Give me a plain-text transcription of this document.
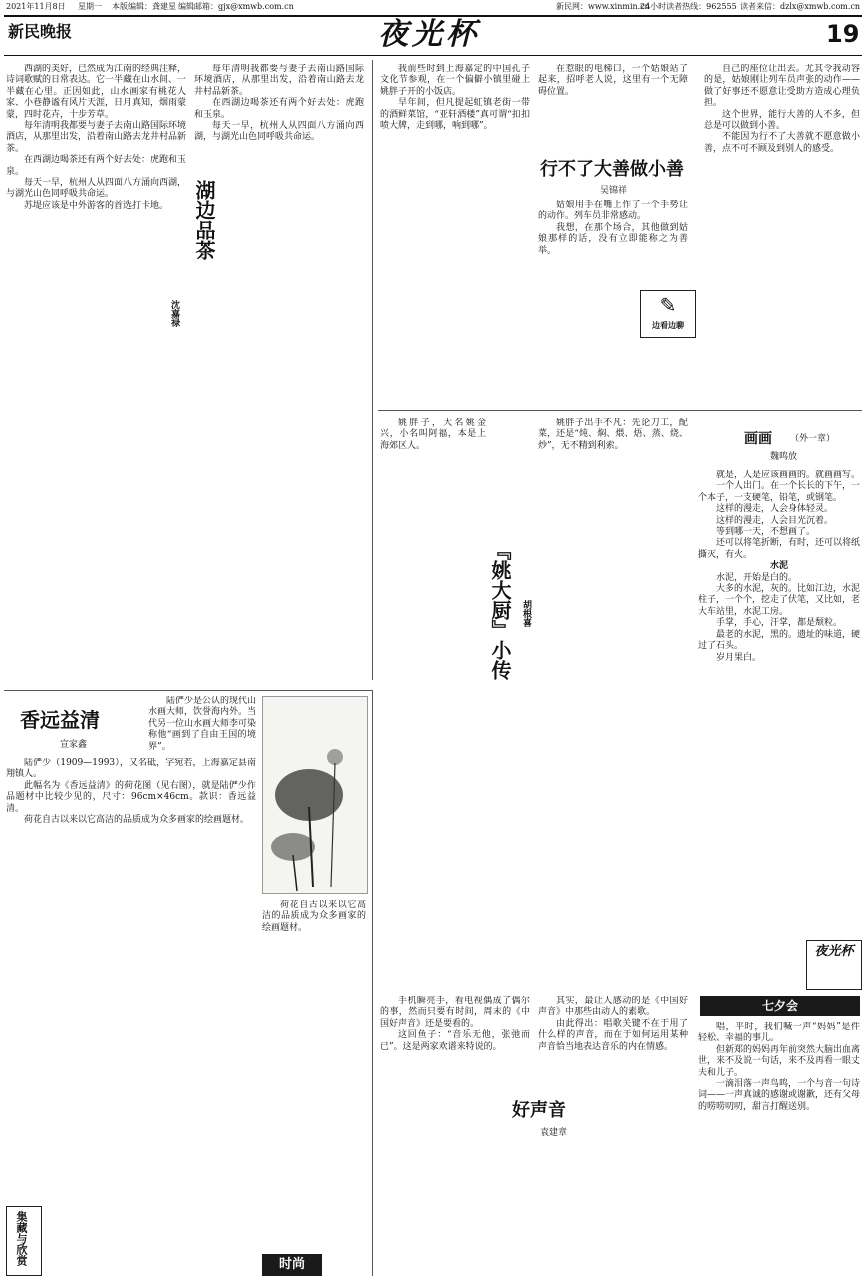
2021年11月8日 星期一 本版编辑：龚建星 编辑邮箱：gjx@xmwb.com.cn	新民网：www.xinmin.cn
24小时读者热线：962555 读者来信：dzlx@xmwb.com.cn
新民晚报	夜光杯	19

西湖的美好，已然成为江南的经典注释，诗词歌赋的日常表达。它一半藏在山水间、一半藏在心里。正因如此，山水画家有桃花人家、小巷静谧有风片天涯，日月真知，烟雨蒙蒙，四时花卉，十步芳草。

每年清明我都要与妻子去南山路国际环境酒店，从那里出发，沿着南山路去龙井村品新茶。

在西湖边喝茶还有两个好去处：虎跑和玉泉。

每天一早，杭州人从四面八方涌向西湖，与湖光山色同呼吸共命运。

苏堤应该是中外游客的首选打卡地。	湖边品茶
沈嘉禄

每年清明我都要与妻子去南山路国际环境酒店，从那里出发，沿着南山路去龙井村品新茶。

在西湖边喝茶还有两个好去处：虎跑和玉泉。

每天一早，杭州人从四面八方涌向西湖，与湖光山色同呼吸共命运。

我前些时到上海嘉定的中国孔子文化节参观，在一个偏僻小镇里碰上姚胖子开的小饭店。

早年间，但凡提起虹镇老街一带的酒鲜菜馆，“亚轩酒楼”真可谓“扣扣喷大牌，走到哪，响到哪”。

在惹眼的电梯口，一个姑娘站了起来，招呼老人说，这里有一个无障碍位置。

行不了大善做小善
吴锦祥

姑娘用手在嘴上作了一个手势让的动作。列车员非常感动。

我想，在那个场合，其他做到姑娘那样的话，没有立即能称之为善举。

✎
边看边聊

自己的座位让出去。尤其令我动容的是，姑娘刚让列车员声张的动作——做了好事还不愿意让受助方造成心理负担。

这个世界，能行大善的人不多，但总是可以做到小善。

不能因为行不了大善就不愿意做小善，点不可不顾及到别人的感受。

姚胖子，大名姚金兴，小名叫阿福，本是上海郊区人。

『姚大厨』小传 胡根喜

姚胖子出手不凡：先论刀工，配菜，还是“炖、焖、煨、焐、蒸、烧、炒”，无不精到利索。	画画 （外一章）
魏鸣放

就是，人是应该画画的。就画画写。

一个人出门。在一个长长的下午，一个本子，一支硬笔，铅笔，或钢笔。

这样的漫走，人会身体轻灵。

这样的漫走，人会目光沉着。

等到哪一天，不想画了。

还可以将笔折断，有时，还可以将纸撕灭，有火。

水泥

水泥，开始是白的。

大多的水泥，灰的。比如江边，水泥柱子，一个个，挖走了伏笔，又比如，老大车站里，水泥工房。

手掌，手心，汗掌，都是颓粒。

最老的水泥，黑的。遗址的味道，硬过了石头。

岁月果白。

香远益清
宣家鑫

陆俨少是公认的现代山水画大师，饮誉海内外。当代另一位山水画大师李可染称他“画到了自由王国的境界”。

陆俨少（1909—1993），又名砥，字宛若，上海嘉定县南翔镇人。

此幅名为《香远益清》的荷花图（见右图），就是陆俨少作品题材中比较少见的，尺寸：96cm×46cm。款识：香远益清。

荷花自古以来以它高洁的品质成为众多画家的绘画题材。

荷花自古以来以它高洁的品质成为众多画家的绘画题材。

集藏与欣赏

手机瞬亮手，看电视偶成了偶尔的事，然而只要有时间，周末的《中国好声音》还是要看的。

这回鱼子：“音乐无他，张弛而已”。这是两家欢谱来特说的。

好声音
袁建章

其实，最让人感动的是《中国好声音》中那些由动人的素歌。

由此得出：唱歌关键不在于用了什么样的声音，而在于如何运用某种声音恰当地表达音乐的内在情感。

夜光杯
七夕会

唱，平时，我们喊一声“妈妈”是件轻松、幸福的事儿。

但新郑的妈妈再年前突然大脑出血离世，来不及说一句话，来不及再看一眼丈夫和儿子。

一滴泪落一声鸟鸣，一个与音一句诗词——一声真诚的感谢或谢歉，还有父母的唠唠叨叨，甜言打醒送别。

时尚
